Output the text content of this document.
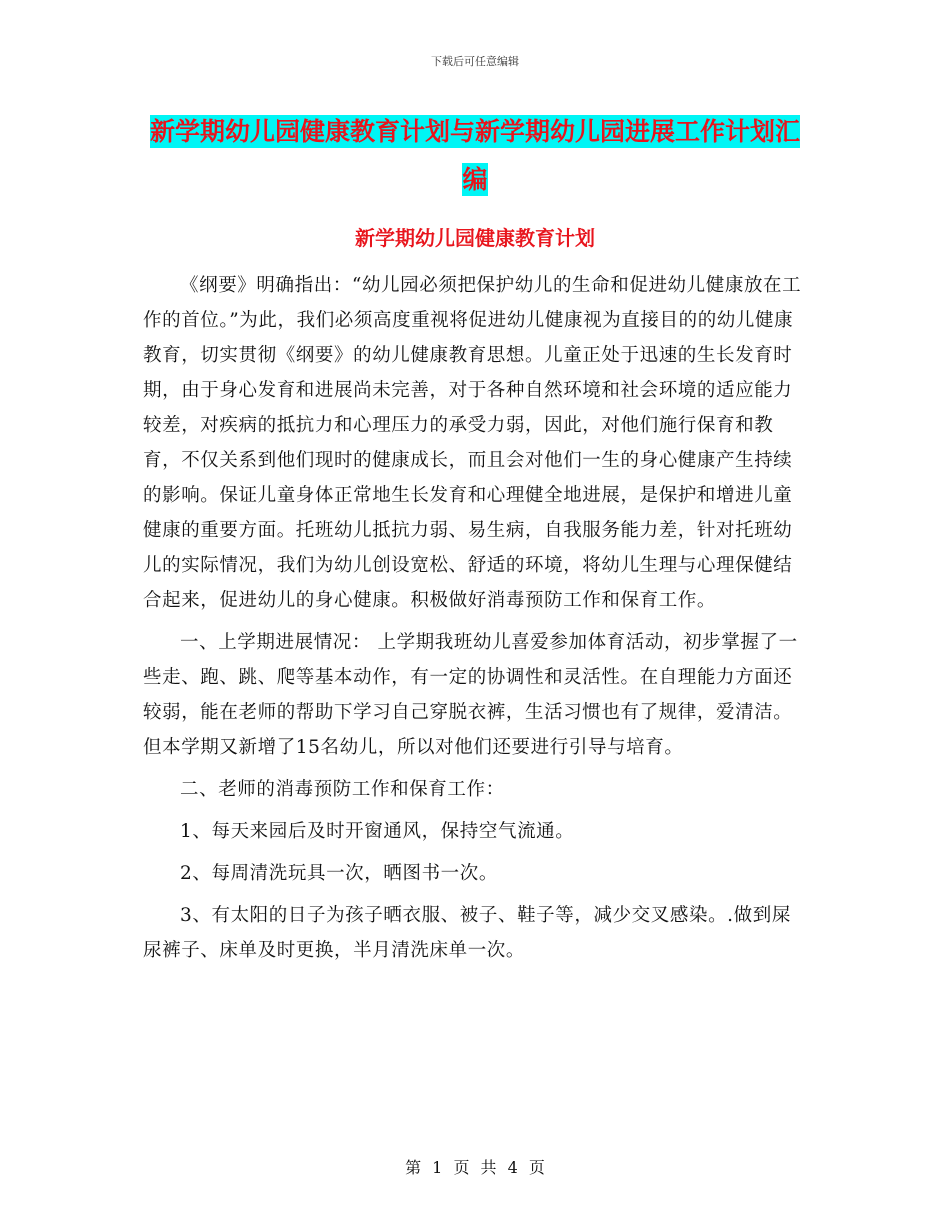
下载后可任意编辑
新学期幼儿园健康教育计划与新学期幼儿园进展工作计划汇编
新学期幼儿园健康教育计划

《纲要》明确指出：“幼儿园必须把保护幼儿的生命和促进幼儿健康放在工作的首位。”为此，我们必须高度重视将促进幼儿健康视为直接目的的幼儿健康教育，切实贯彻《纲要》的幼儿健康教育思想。儿童正处于迅速的生长发育时期，由于身心发育和进展尚未完善，对于各种自然环境和社会环境的适应能力较差，对疾病的抵抗力和心理压力的承受力弱，因此，对他们施行保育和教育，不仅关系到他们现时的健康成长，而且会对他们一生的身心健康产生持续的影响。保证儿童身体正常地生长发育和心理健全地进展，是保护和增进儿童健康的重要方面。托班幼儿抵抗力弱、易生病，自我服务能力差，针对托班幼儿的实际情况，我们为幼儿创设宽松、舒适的环境，将幼儿生理与心理保健结合起来，促进幼儿的身心健康。积极做好消毒预防工作和保育工作。

一、上学期进展情况： 上学期我班幼儿喜爱参加体育活动，初步掌握了一些走、跑、跳、爬等基本动作，有一定的协调性和灵活性。在自理能力方面还较弱，能在老师的帮助下学习自己穿脱衣裤，生活习惯也有了规律，爱清洁。但本学期又新增了15名幼儿，所以对他们还要进行引导与培育。

二、老师的消毒预防工作和保育工作：

1、每天来园后及时开窗通风，保持空气流通。

2、每周清洗玩具一次，晒图书一次。

3、有太阳的日子为孩子晒衣服、被子、鞋子等，减少交叉感染。.做到屎尿裤子、床单及时更换，半月清洗床单一次。

第 1 页 共 4 页
